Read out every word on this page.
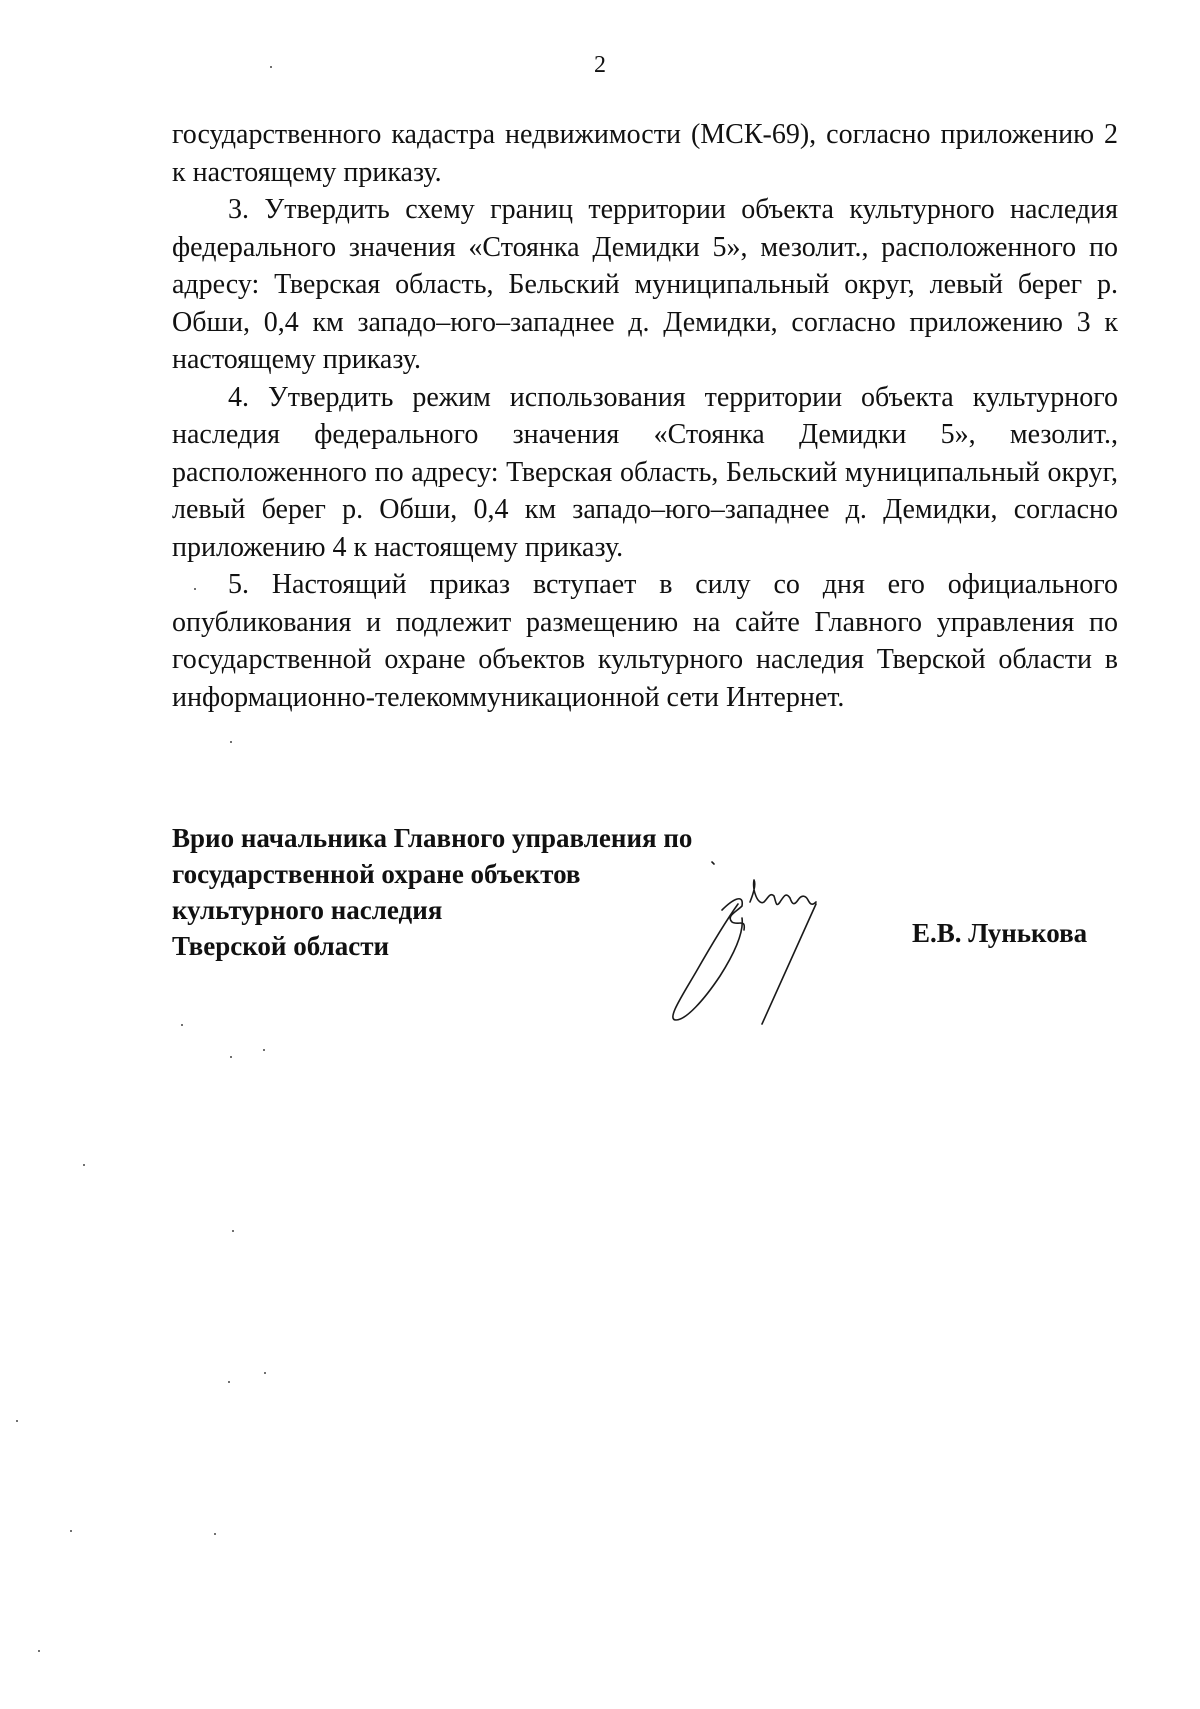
2

государственного кадастра недвижимости (МСК-69), согласно приложению 2 к настоящему приказу.

3. Утвердить схему границ территории объекта культурного наследия федерального значения «Стоянка Демидки 5», мезолит., расположенного по адресу: Тверская область, Бельский муниципальный округ, левый берег р. Обши, 0,4 км западо–юго–западнее д. Демидки, согласно приложению 3 к настоящему приказу.

4. Утвердить режим использования территории объекта культурного наследия федерального значения «Стоянка Демидки 5», мезолит., расположенного по адресу: Тверская область, Бельский муниципальный округ, левый берег р. Обши, 0,4 км западо–юго–западнее д. Демидки, согласно приложению 4 к настоящему приказу.

5. Настоящий приказ вступает в силу со дня его официального опубликования и подлежит размещению на сайте Главного управления по государственной охране объектов культурного наследия Тверской области в информационно-телекоммуникационной сети Интернет.

Врио начальника Главного управления по
государственной охране объектов
культурного наследия
Тверской области	Е.В. Лунькова
